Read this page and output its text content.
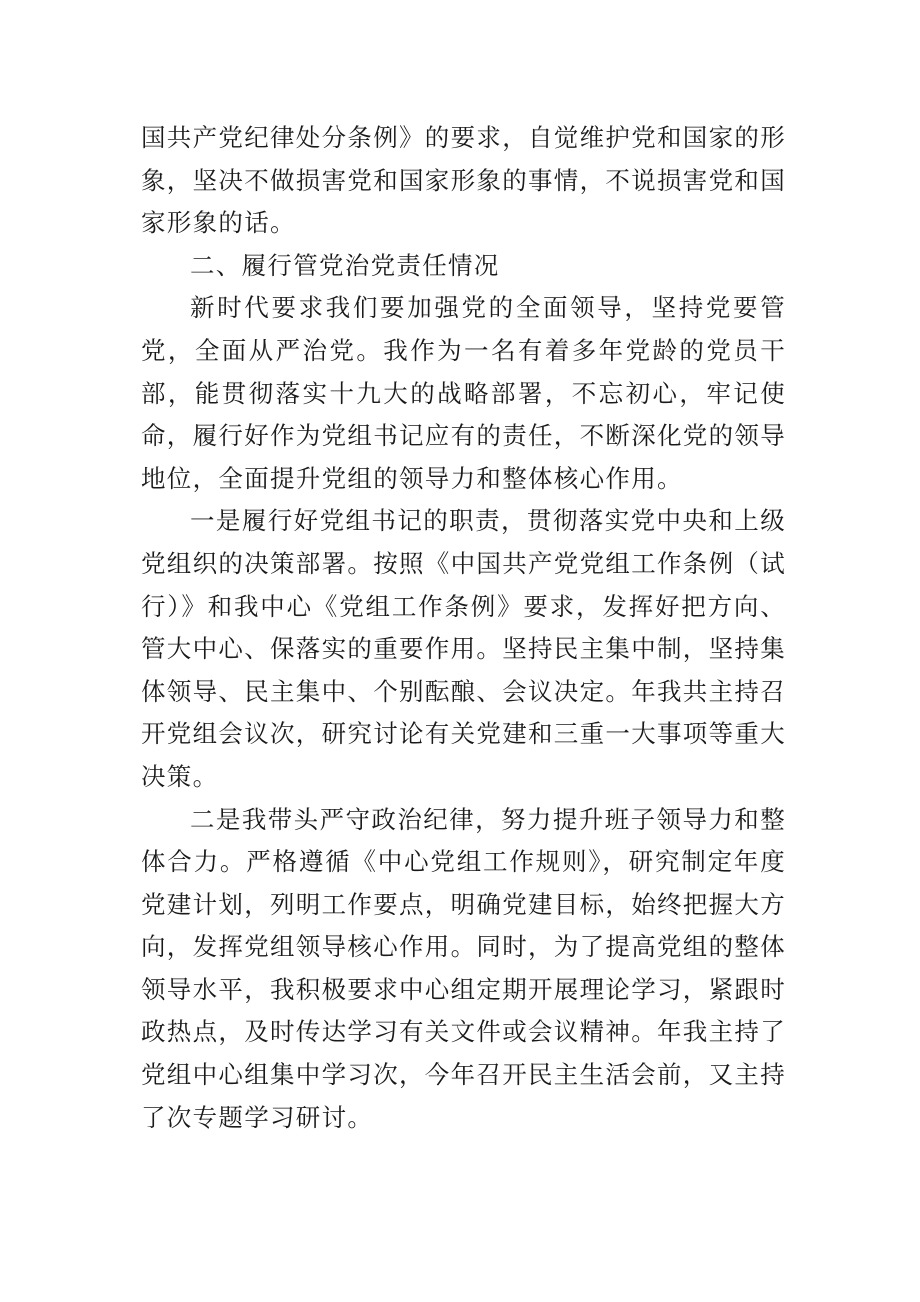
国共产党纪律处分条例》的要求，自觉维护党和国家的形象，坚决不做损害党和国家形象的事情，不说损害党和国家形象的话。

二、履行管党治党责任情况

新时代要求我们要加强党的全面领导，坚持党要管党，全面从严治党。我作为一名有着多年党龄的党员干部，能贯彻落实十九大的战略部署，不忘初心，牢记使命，履行好作为党组书记应有的责任，不断深化党的领导地位，全面提升党组的领导力和整体核心作用。

一是履行好党组书记的职责，贯彻落实党中央和上级党组织的决策部署。按照《中国共产党党组工作条例（试行）》和我中心《党组工作条例》要求，发挥好把方向、管大中心、保落实的重要作用。坚持民主集中制，坚持集体领导、民主集中、个别酝酿、会议决定。年我共主持召开党组会议次，研究讨论有关党建和三重一大事项等重大决策。

二是我带头严守政治纪律，努力提升班子领导力和整体合力。严格遵循《中心党组工作规则》，研究制定年度党建计划，列明工作要点，明确党建目标，始终把握大方向，发挥党组领导核心作用。同时，为了提高党组的整体领导水平，我积极要求中心组定期开展理论学习，紧跟时政热点，及时传达学习有关文件或会议精神。年我主持了党组中心组集中学习次，今年召开民主生活会前，又主持了次专题学习研讨。
